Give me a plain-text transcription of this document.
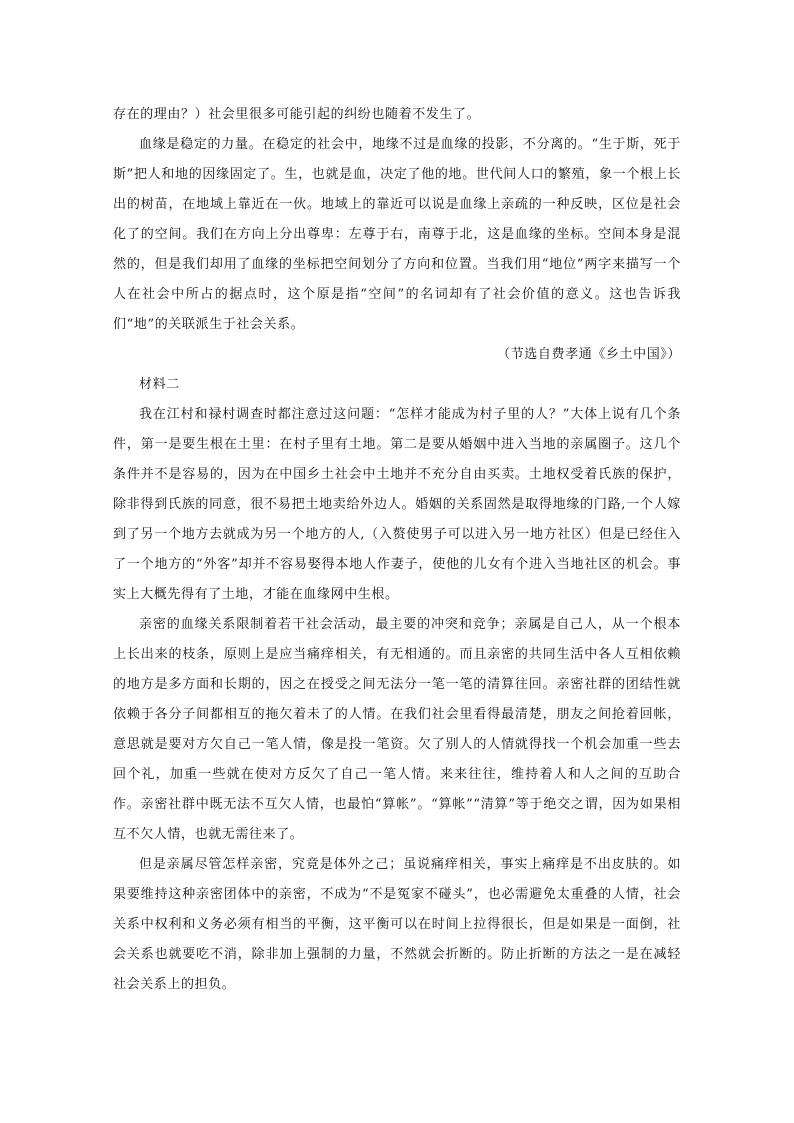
存在的理由？）社会里很多可能引起的纠纷也随着不发生了。

血缘是稳定的力量。在稳定的社会中，地缘不过是血缘的投影，不分离的。“生于斯，死于斯”把人和地的因缘固定了。生，也就是血，决定了他的地。世代间人口的繁殖，象一个根上长出的树苗，在地域上靠近在一伙。地域上的靠近可以说是血缘上亲疏的一种反映，区位是社会化了的空间。我们在方向上分出尊卑：左尊于右，南尊于北，这是血缘的坐标。空间本身是混然的，但是我们却用了血缘的坐标把空间划分了方向和位置。当我们用“地位”两字来描写一个人在社会中所占的据点时，这个原是指“空间”的名词却有了社会价值的意义。这也告诉我们“地”的关联派生于社会关系。

（节选自费孝通《乡土中国》）

材料二

我在江村和禄村调查时都注意过这问题：“怎样才能成为村子里的人？”大体上说有几个条件，第一是要生根在土里：在村子里有土地。第二是要从婚姻中进入当地的亲属圈子。这几个条件并不是容易的，因为在中国乡土社会中土地并不充分自由买卖。土地权受着氏族的保护，除非得到氏族的同意，很不易把土地卖给外边人。婚姻的关系固然是取得地缘的门路,一个人嫁到了另一个地方去就成为另一个地方的人,（入赘使男子可以进入另一地方社区）但是已经住入了一个地方的“外客”却并不容易娶得本地人作妻子，使他的儿女有个进入当地社区的机会。事实上大概先得有了土地，才能在血缘网中生根。

亲密的血缘关系限制着若干社会活动，最主要的冲突和竞争；亲属是自己人，从一个根本上长出来的枝条，原则上是应当痛痒相关，有无相通的。而且亲密的共同生活中各人互相依赖的地方是多方面和长期的，因之在授受之间无法分一笔一笔的清算往回。亲密社群的团结性就依赖于各分子间都相互的拖欠着未了的人情。在我们社会里看得最清楚，朋友之间抢着回帐，意思就是要对方欠自己一笔人情，像是投一笔资。欠了别人的人情就得找一个机会加重一些去回个礼，加重一些就在使对方反欠了自己一笔人情。来来往往，维持着人和人之间的互助合作。亲密社群中既无法不互欠人情，也最怕“算帐”。“算帐”“清算”等于绝交之谓，因为如果相互不欠人情，也就无需往来了。

但是亲属尽管怎样亲密，究竟是体外之己；虽说痛痒相关，事实上痛痒是不出皮肤的。如果要维持这种亲密团体中的亲密，不成为“不是冤家不碰头”，也必需避免太重叠的人情，社会关系中权利和义务必须有相当的平衡，这平衡可以在时间上拉得很长，但是如果是一面倒，社会关系也就要吃不消，除非加上强制的力量，不然就会折断的。防止折断的方法之一是在减轻社会关系上的担负。
